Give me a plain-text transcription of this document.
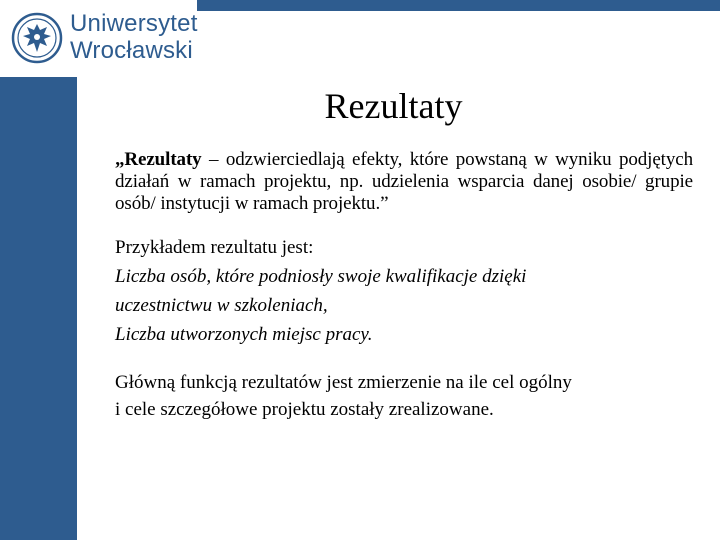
Uniwersytet
Wrocławski
Rezultaty

„Rezultaty – odzwierciedlają efekty, które powstaną w wyniku podjętych działań w ramach projektu, np. udzielenia wsparcia danej osobie/ grupie osób/ instytucji w ramach projektu.”

Przykładem rezultatu jest:
Liczba osób, które podniosły swoje kwalifikacje dzięki
uczestnictwu w szkoleniach,
Liczba utworzonych miejsc pracy.
Główną funkcją rezultatów jest zmierzenie na ile cel ogólny
i cele szczegółowe projektu zostały zrealizowane.
